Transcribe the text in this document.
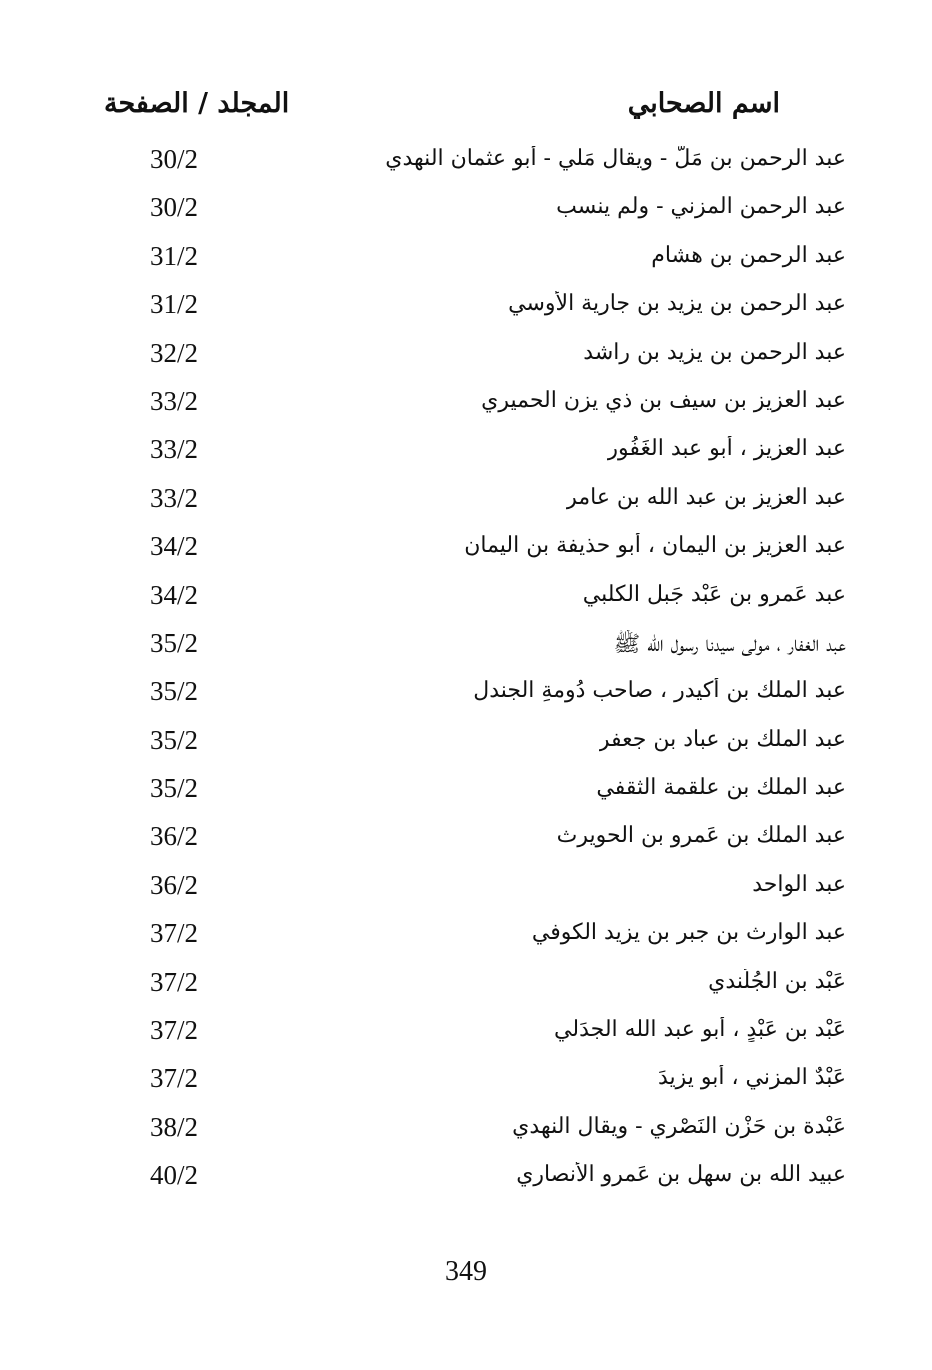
اسم الصحابي
المجلد / الصفحة
عبد الرحمن بن مَلّ - ويقال مَلي - أبو عثمان النهدي
30/2
عبد الرحمن المزني - ولم ينسب
30/2
عبد الرحمن بن هشام
31/2
عبد الرحمن بن يزيد بن جارية الأوسي
31/2
عبد الرحمن بن يزيد بن راشد
32/2
عبد العزيز بن سيف بن ذي يزن الحميري
33/2
عبد العزيز ، أبو عبد الغَفُور
33/2
عبد العزيز بن عبد الله بن عامر
33/2
عبد العزيز بن اليمان ، أبو حذيفة بن اليمان
34/2
عبد عَمرو بن عَبْد جَبل الكلبي
34/2
عبد الغفار ، مولى سيدنا رسول الله ﷺ
35/2
عبد الملك بن أكيدر ، صاحب دُومةِ الجندل
35/2
عبد الملك بن عباد بن جعفر
35/2
عبد الملك بن علقمة الثقفي
35/2
عبد الملك بن عَمرو بن الحويرث
36/2
عبد الواحد
36/2
عبد الوارث بن جبر بن يزيد الكوفي
37/2
عَبْد بن الجُلُندي
37/2
عَبْد بن عَبْدٍ ، أبو عبد الله الجدَلي
37/2
عَبْدٌ المزني ، أبو يزيدَ
37/2
عَبْدة بن حَزْن النَصْري - ويقال النهدي
38/2
عبيد الله بن سهل بن عَمرو الأنصاري
40/2
349
